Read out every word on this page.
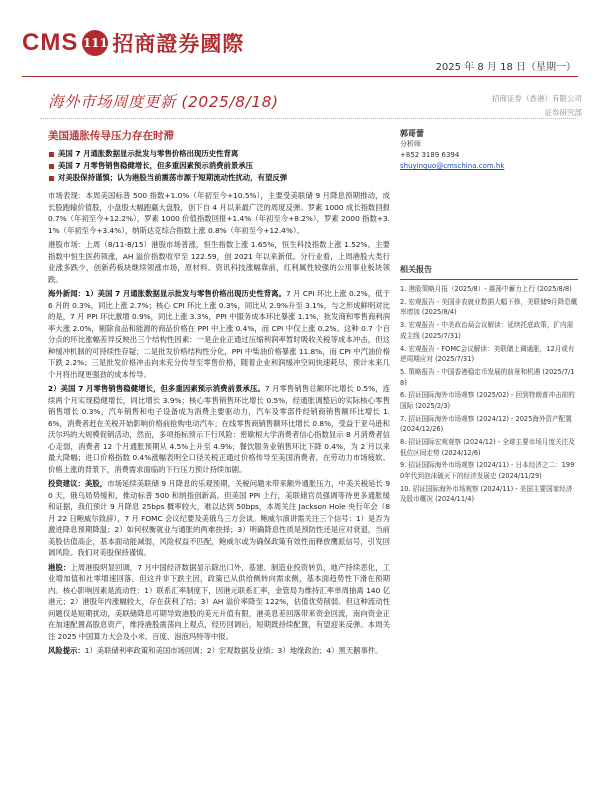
CMS 111 招商證券國際
2025 年 8 月 18 日（星期一）
海外市场周度更新 (2025/8/18)	招商证券（香港）有限公司
证券研究部
美国通胀传导压力存在时滞
美国 7 月通胀数据显示批发与零售价格出现历史性背离
美国 7 月零售销售稳健增长，但多重因素预示消费前景承压
对美股保持谨慎；认为港股当前震荡市源于短期流动性扰动，有望反弹

市场表现：本周美国标普 500 指数+1.0%（年初至今+10.5%），主要受美联储 9 月降息预期推动，成长股跑输价值股，小盘股大幅跑赢大盘股，创下自 4 月以来最广泛的周度反弹。罗素 1000 成长指数回报 0.7%（年初至今+12.2%），罗素 1000 价值指数回报+1.4%（年初至今+8.2%），罗素 2000 指数+3.1%（年初至今+3.4%），纳斯达克综合指数上涨 0.8%（年初至今+12.4%）。

港股市场：上周（8/11-8/15）港股市场普涨，恒生指数上涨 1.65%，恒生科技指数上涨 1.52%。主要指数中恒生医药领涨，AH 溢价指数收窄至 122.59，创 2021 年以来新低。分行业看，上周港股大类行业涨多跌少，创新药板块继续领涨市场，原材料、资讯科技涨幅靠前，红利属性较强的公用事业板块领跌。

海外新闻：1）美国 7 月通胀数据显示批发与零售价格出现历史性背离。7 月 CPI 环比上涨 0.2%，低于 6 月的 0.3%，同比上涨 2.7%；核心 CPI 环比上涨 0.3%，同比从 2.9%升至 3.1%，与之形成鲜明对比的是，7 月 PPI 环比激增 0.9%，同比上涨 3.3%，PPI 中服务成本环比暴涨 1.1%，批发商和零售商利润率大涨 2.0%，剔除食品和能源的商品价格在 PPI 中上涨 0.4%，而 CPI 中仅上涨 0.2%。这种 0.7 个百分点的环比涨幅差异反映出三个结构性因素：一是企业正通过压缩利润率暂时吸收关税等成本冲击，但这种缓冲机制的可持续性存疑；二是批发价格结构性分化，PPI 中柴油价格暴涨 11.8%，而 CPI 中汽油价格下跌 2.2%；三是批发价格冲击向未充分传导至零售价格，随着企业利润缓冲空间快速耗尽，预计未来几个月将出现更强劲的成本传导。

2）美国 7 月零售销售稳健增长，但多重因素预示消费前景承压。7 月零售销售总额环比增长 0.5%，连续两个月实现稳健增长，同比增长 3.9%；核心零售销售环比增长 0.5%，经通胀调整后的实际核心零售销售增长 0.3%，汽车销售和电子设备成为消费主要驱动力，汽车及零部件经销商销售额环比增长 1.6%，消费者赶在关税开始影响价格前抢购电动汽车；在线零售商销售额环比增长 0.8%，受益于亚马逊和沃尔玛的大规模促销活动，然而，多项指标预示下行风险：密歇根大学消费者信心指数显示 8 月消费者信心走弱，消费者 12 个月通胀预期从 4.5%上升至 4.9%；餐饮服务业销售环比下降 0.4%，为 2 月以来最大降幅；进口价格指数 0.4%涨幅表明全口径关税正通过价格传导至美国消费者。在劳动力市场疲软、价格上涨的背景下，消费需求面临的下行压力预计持续加剧。

投资建议：美股，市场延续美联储 9 月降息的乐观预期，关税问题未带来额外通胀压力，中美关税延长 90 天，俄乌局势缓和，推动标普 500 和纳指创新高。但美国 PPI 上行，美联储官员强调等待更多通胀缓和证据，我们预计 9 月降息 25bps 概率较大，难以达到 50bps，本周关注 Jackson Hole 央行年会（8 月 22 日鲍威尔致辞），7 月 FOMC 会议纪要及美俄乌三方会谈。鲍威尔演讲需关注三个信号：1）是否为激进降息预期降温；2）如何权衡就业与通胀的两难抉择；3）明确降息性质是预防性还是应对衰退，当前美股估值高企，基本面动能减弱，风险权益不匹配，鲍威尔或为确保政策有效性而释放鹰派信号，引发回调风险。我们对美股保持谨慎。

港股：上周港股明显回调，7 月中国经济数据显示除出口外，基建、制造业投资转负，地产持续恶化，工业增加值和社零增速回落，但这并非下跌主因，政策已从供给侧转向需求侧，基本面趋势性下滑在预期内。核心影响因素是流动性：1）联系汇率制度下，因港元联系汇率，金管局为维持汇率单周抽离 140 亿港元；2）港股年内涨幅较大，存在获利了结；3）AH 溢价率降至 122%，估值优势削弱。但这种流动性问题仅是短期扰动，美联储降息可期导致港股的美元升值有限，港美息差回落带来资金回流，南向资金正在加速配置高股息资产，维持港股震荡向上观点，经历回调后，短期既持续配置，有望迎来反弹。本周关注 2025 中国算力大会及小米、百度、泡泡玛特等中报。

风险提示：1）美联储利率政策和美国市场回调；2）宏观数据及业绩；3）地缘政治；4）黑天鹅事件。

郭哥蕾
分析师
+852 3189 6394
shuyinguo@cmschina.com.hk
相关报告
1. 港股策略月报（2025/8）- 震荡中蓄力上行 (2025/8/8)
2. 宏观报告 - 美国非农就业数据大幅下修，美联储9月降息概率增加 (2025/8/4)
3. 宏观报告 - 中美政治局会议解读：延续托底政策，扩内需成主线 (2025/7/31)
4. 宏观报告 - FOMC会议解读：美联储上调通胀，12月或有逆周期应对 (2025/7/31)
5. 策略报告 - 中国香港稳定币发展的前景和机遇 (2025/7/18)
6. 招证国际海外市场观察 (2025/02) - 回到特朗普冲击前的国际 (2025/2/3)
7. 招证国际海外市场观察 (2024/12) - 2025海外资产配置 (2024/12/26)
8. 招证国际宏观观察 (2024/12) - 全球主要市场月度关注及低位区间走势 (2024/12/6)
9. 招证国际海外市场观察 (2024/11) - 日本经济之二：1990年代到泡沫破灭下的经济发展史 (2024/11/29)
10. 招证国际海外市场观察 (2024/11) - 美国主要国家经济及股市概况 (2024/11/4)
